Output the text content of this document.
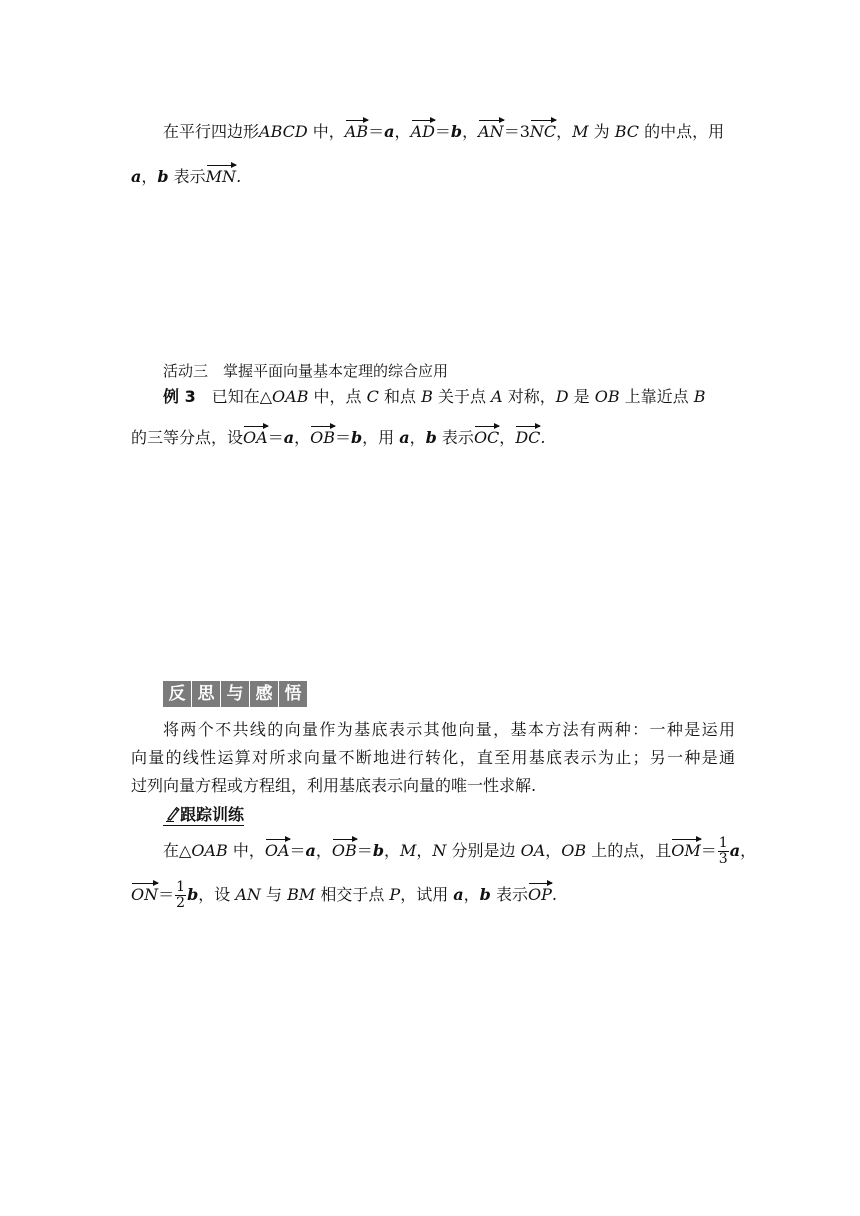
在平行四边形ABCD 中，AB＝a，AD＝b，AN＝3NC，M 为 BC 的中点，用
a，b 表示MN.
活动三　掌握平面向量基本定理的综合应用
例 3　已知在△OAB 中，点 C 和点 B 关于点 A 对称，D 是 OB 上靠近点 B
的三等分点，设OA＝a，OB＝b，用 a，b 表示OC，DC.
反 思 与 感 悟
将两个不共线的向量作为基底表示其他向量，基本方法有两种：一种是运用
向量的线性运算对所求向量不断地进行转化，直至用基底表示为止；另一种是通
过列向量方程或方程组，利用基底表示向量的唯一性求解.
跟踪训练
在△OAB 中，OA＝a，OB＝b，M，N 分别是边 OA，OB 上的点，且$OM= \frac{1}{3}$ a，
$ON= \frac{1}{2}$ b，设 AN 与 BM 相交于点 P，试用 a，b 表示OP.
